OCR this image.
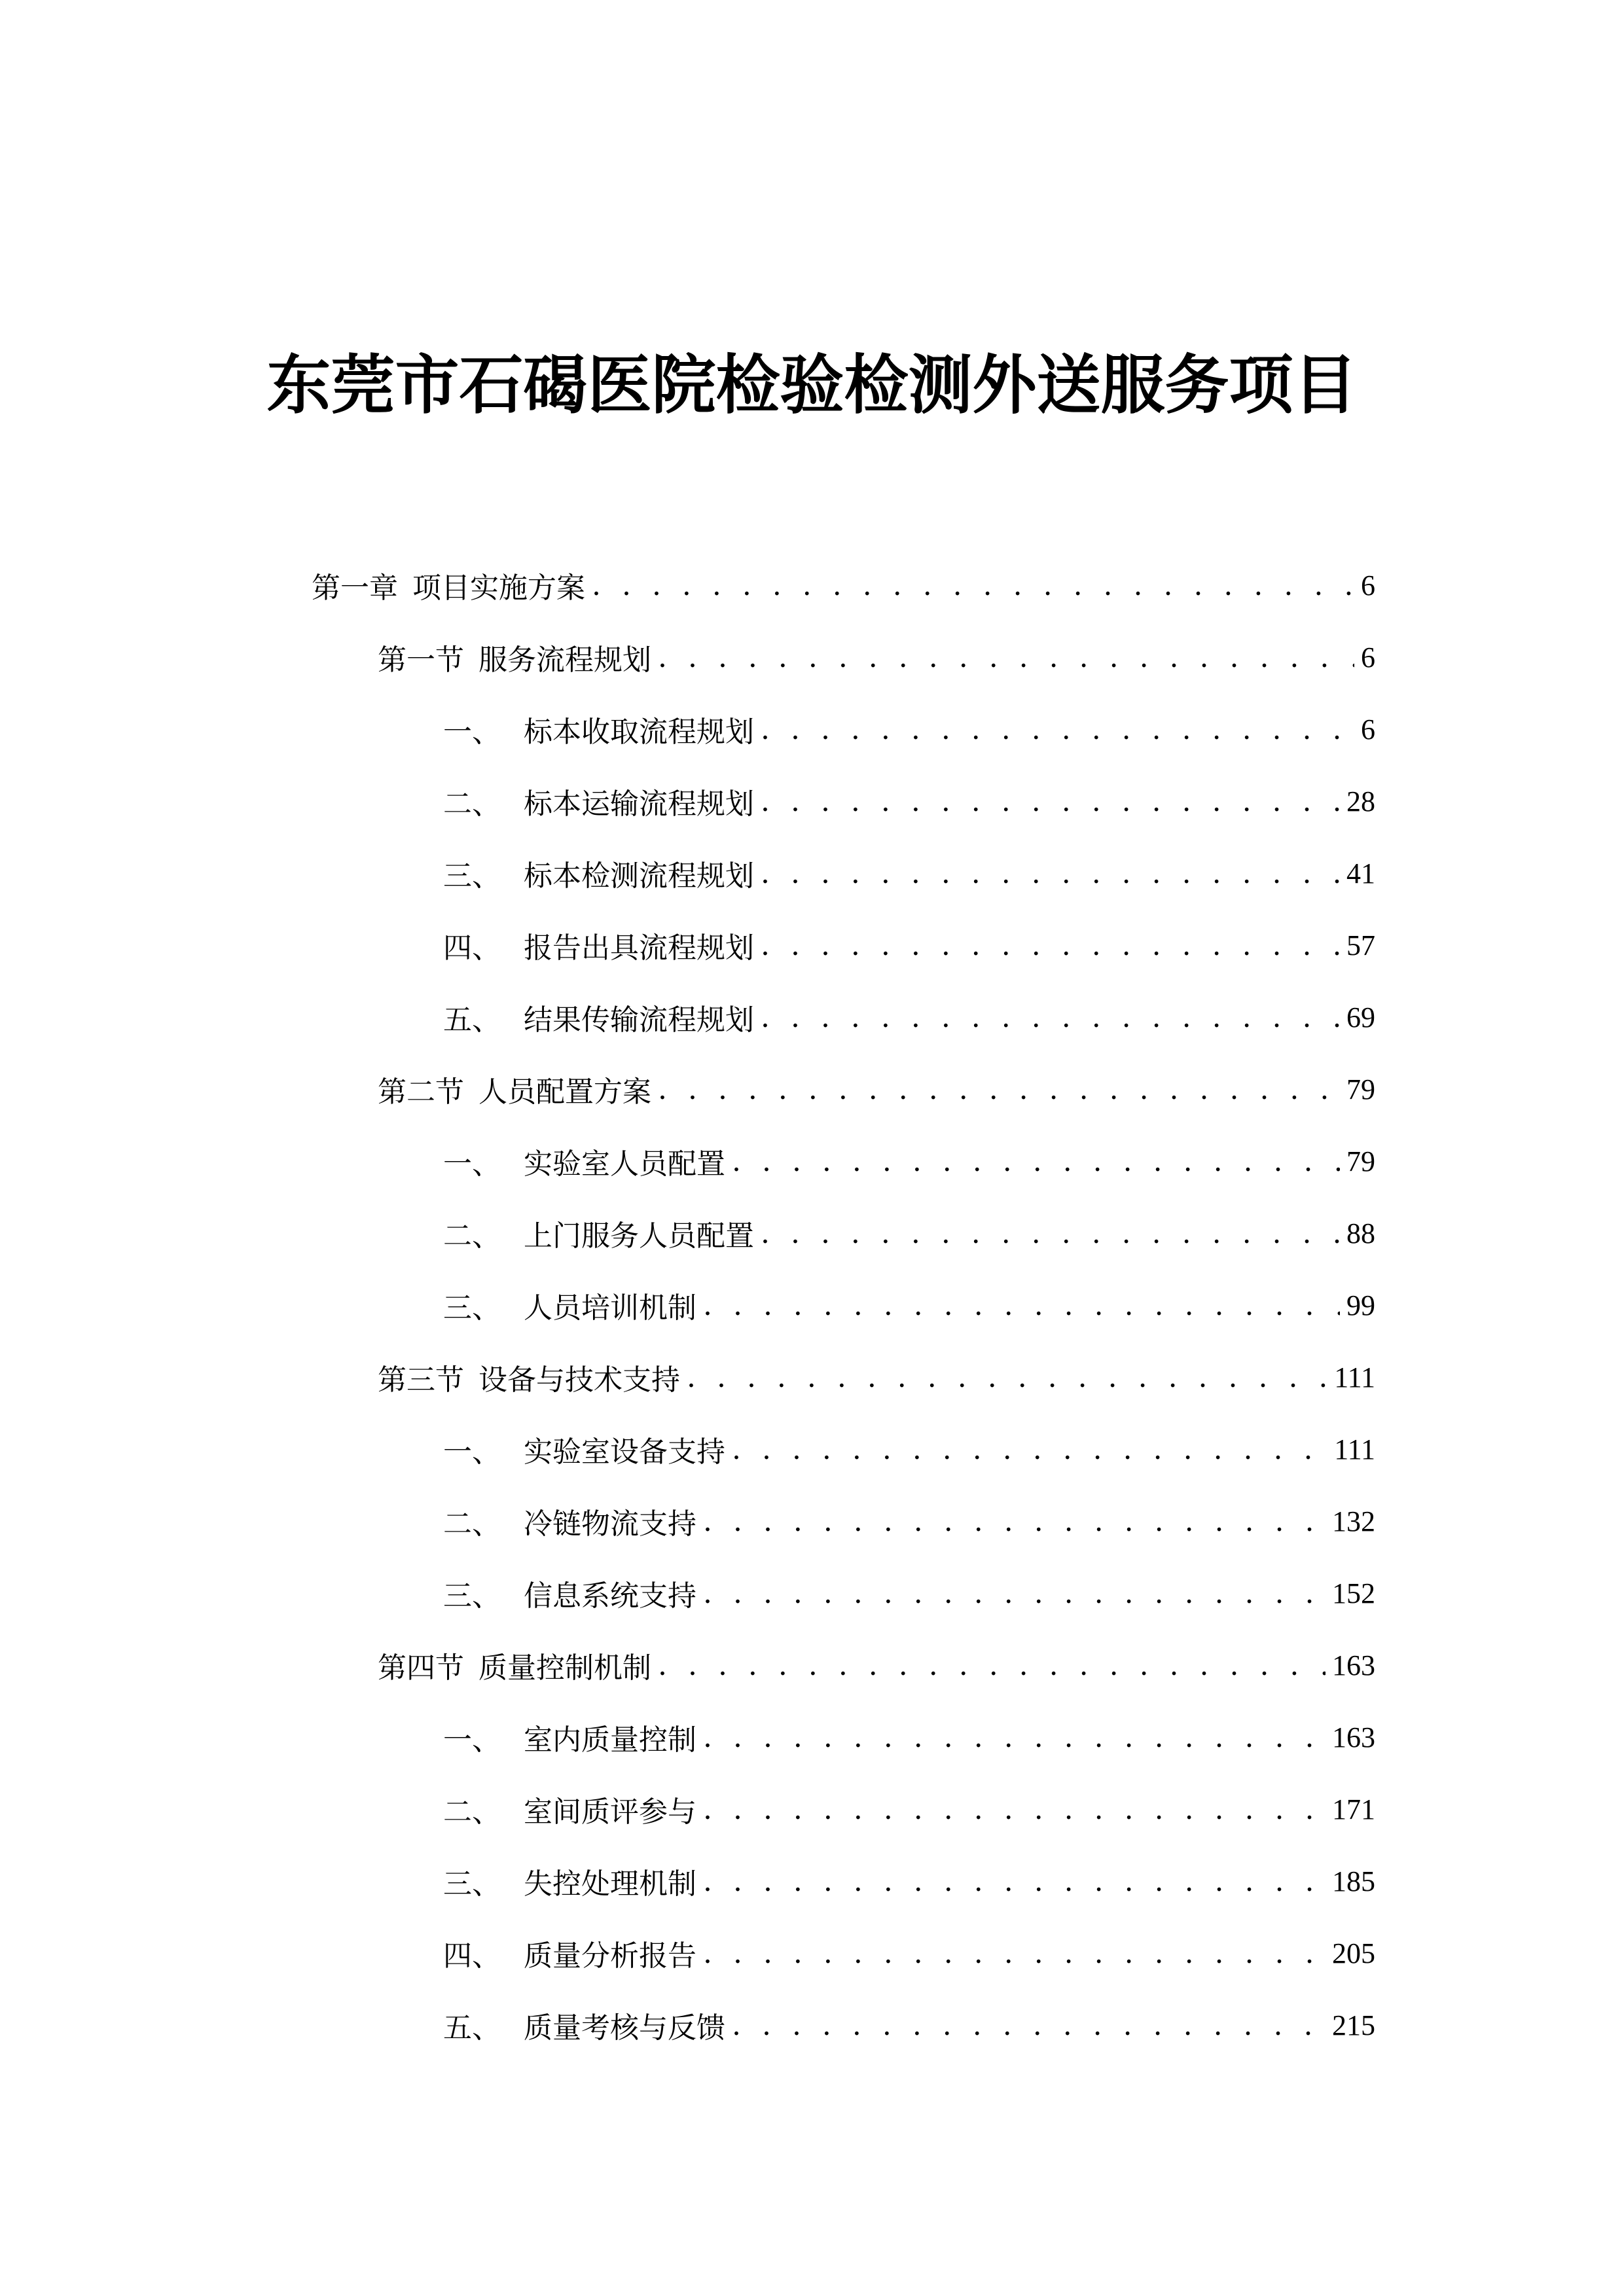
东莞市石碣医院检验检测外送服务项目
第一章 项目实施方案 . . .	6
第一节 服务流程规划 . . .	6
一、 标本收取流程规划 . . .	6
二、 标本运输流程规划 . . .	28
三、 标本检测流程规划 . . .	41
四、 报告出具流程规划 . . .	57
五、 结果传输流程规划 . . .	69
第二节 人员配置方案 . . .	79
一、 实验室人员配置 . . .	79
二、 上门服务人员配置 . . .	88
三、 人员培训机制 . . .	99
第三节 设备与技术支持 . . .	111
一、 实验室设备支持 . . .	111
二、 冷链物流支持 . . .	132
三、 信息系统支持 . . .	152
第四节 质量控制机制 . . .	163
一、 室内质量控制 . . .	163
二、 室间质评参与 . . .	171
三、 失控处理机制 . . .	185
四、 质量分析报告 . . .	205
五、 质量考核与反馈 . . .	215
